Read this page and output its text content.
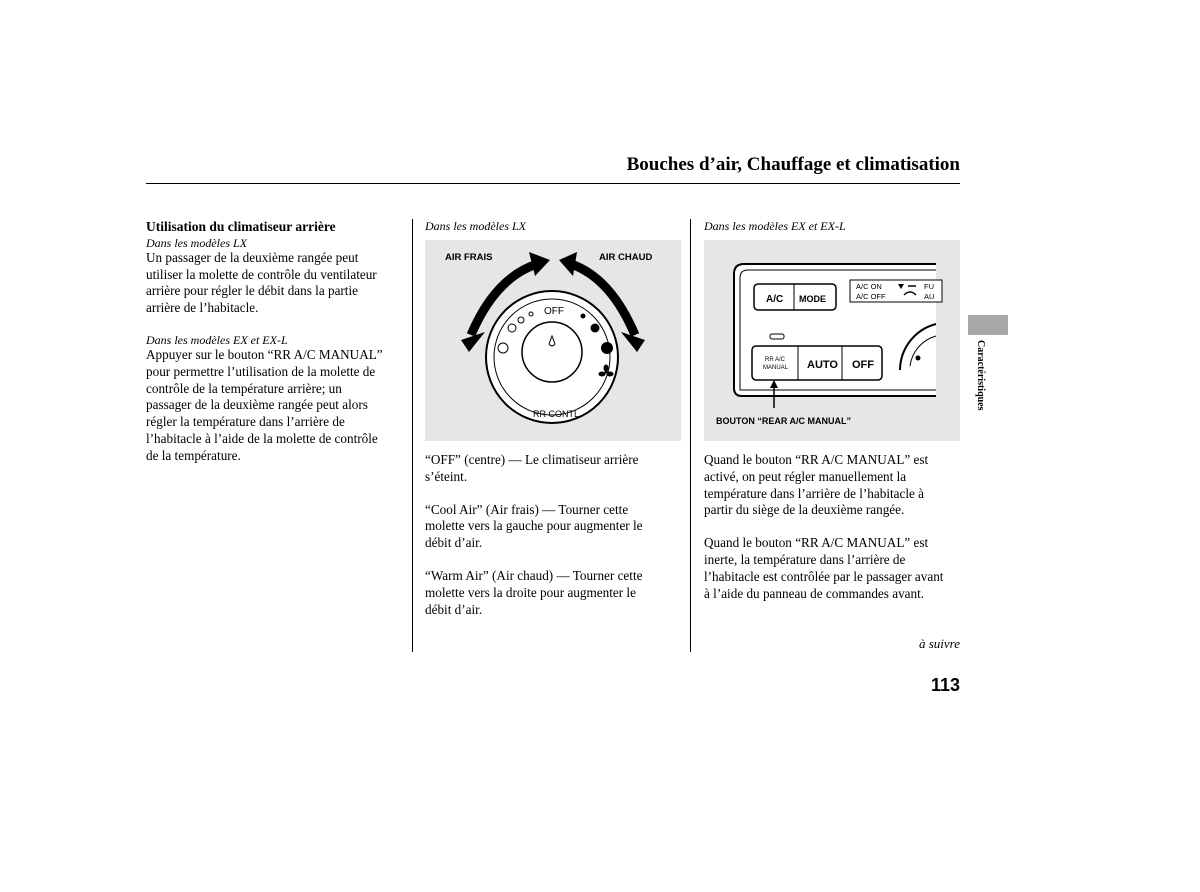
Bouches d’air, Chauffage et climatisation

Utilisation du climatiseur arrière

Dans les modèles LX

Un passager de la deuxième rangée peut

utiliser la molette de contrôle du ventilateur

arrière pour régler le débit dans la partie

arrière de l’habitacle.

Dans les modèles EX et EX-L

Appuyer sur le bouton “RR A/C MANUAL”

pour permettre l’utilisation de la molette de

contrôle de la température arrière; un

passager de la deuxième rangée peut alors

régler la température dans l’arrière de

l’habitacle à l’aide de la molette de contrôle

de la température.

Dans les modèles LX
AIR FRAIS	AIR CHAUD
OFF
RR CONTL

“OFF” (centre) — Le climatiseur arrière

s’éteint.

“Cool Air” (Air frais) — Tourner cette

molette vers la gauche pour augmenter le

débit d’air.

“Warm Air” (Air chaud) — Tourner cette

molette vers la droite pour augmenter le

débit d’air.

Dans les modèles EX et EX-L
A/C MODE
A/C ON
A/C OFF
FU
AU
RR A/C
MANUAL AUTO OFF
BOUTON “REAR A/C MANUAL”

Quand le bouton “RR A/C MANUAL” est

activé, on peut régler manuellement la

température dans l’arrière de l’habitacle à

partir du siège de la deuxième rangée.

Quand le bouton “RR A/C MANUAL” est

inerte, la température dans l’arrière de

l’habitacle est contrôlée par le passager avant

à l’aide du panneau de commandes avant.

Caractéristiques
à suivre
113
